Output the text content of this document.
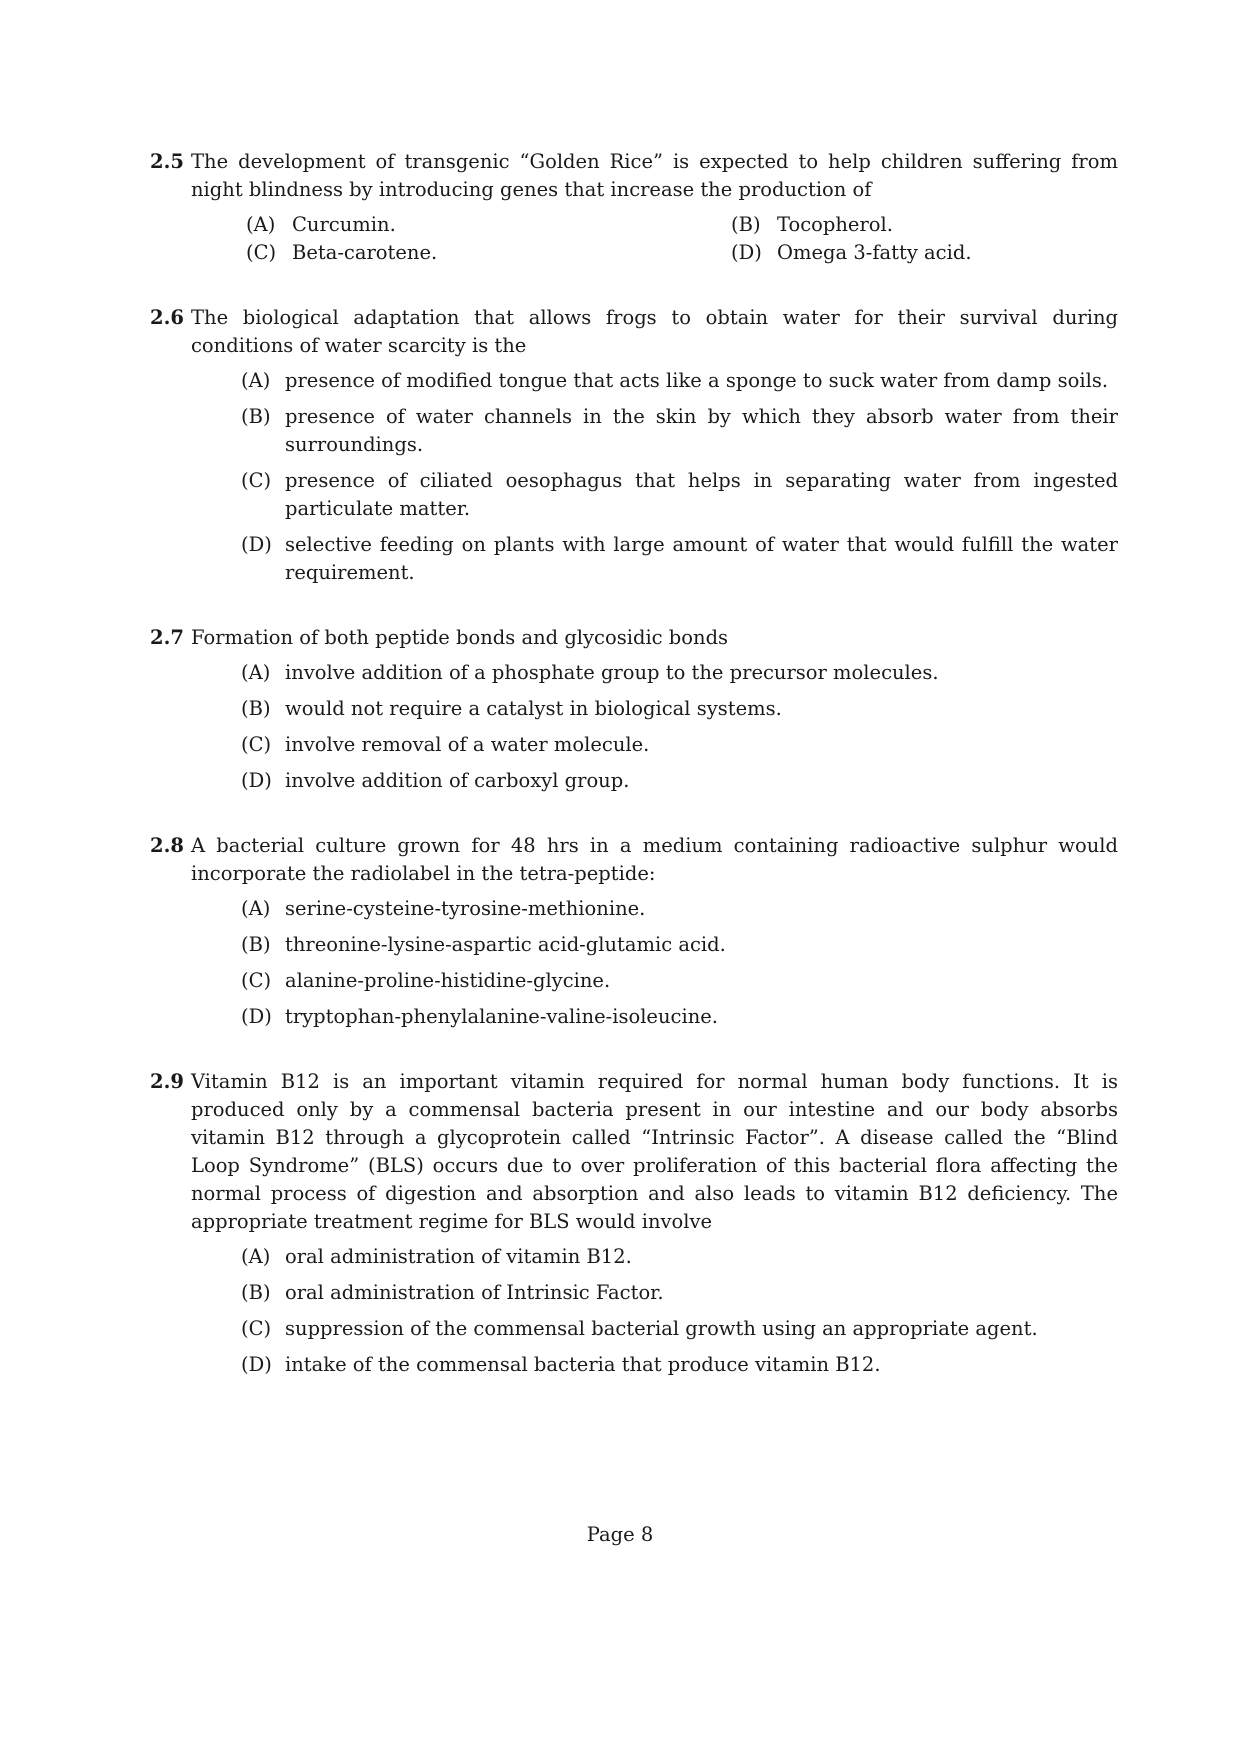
2.5 The development of transgenic “Golden Rice” is expected to help children suffering from night blindness by introducing genes that increase the production of
(A) Curcumin.	(B) Tocopherol.
(C) Beta-carotene.	(D) Omega 3-fatty acid.
2.6 The biological adaptation that allows frogs to obtain water for their survival during conditions of water scarcity is the
(A) presence of modified tongue that acts like a sponge to suck water from damp soils.
(B) presence of water channels in the skin by which they absorb water from their surroundings.
(C) presence of ciliated oesophagus that helps in separating water from ingested particulate matter.
(D) selective feeding on plants with large amount of water that would fulfill the water requirement.
2.7 Formation of both peptide bonds and glycosidic bonds
(A) involve addition of a phosphate group to the precursor molecules.
(B) would not require a catalyst in biological systems.
(C) involve removal of a water molecule.
(D) involve addition of carboxyl group.
2.8 A bacterial culture grown for 48 hrs in a medium containing radioactive sulphur would incorporate the radiolabel in the tetra-peptide:
(A) serine-cysteine-tyrosine-methionine.
(B) threonine-lysine-aspartic acid-glutamic acid.
(C) alanine-proline-histidine-glycine.
(D) tryptophan-phenylalanine-valine-isoleucine.
2.9 Vitamin B12 is an important vitamin required for normal human body functions. It is produced only by a commensal bacteria present in our intestine and our body absorbs vitamin B12 through a glycoprotein called “Intrinsic Factor”. A disease called the “Blind Loop Syndrome” (BLS) occurs due to over proliferation of this bacterial flora affecting the normal process of digestion and absorption and also leads to vitamin B12 deficiency. The appropriate treatment regime for BLS would involve
(A) oral administration of vitamin B12.
(B) oral administration of Intrinsic Factor.
(C) suppression of the commensal bacterial growth using an appropriate agent.
(D) intake of the commensal bacteria that produce vitamin B12.
Page 8
